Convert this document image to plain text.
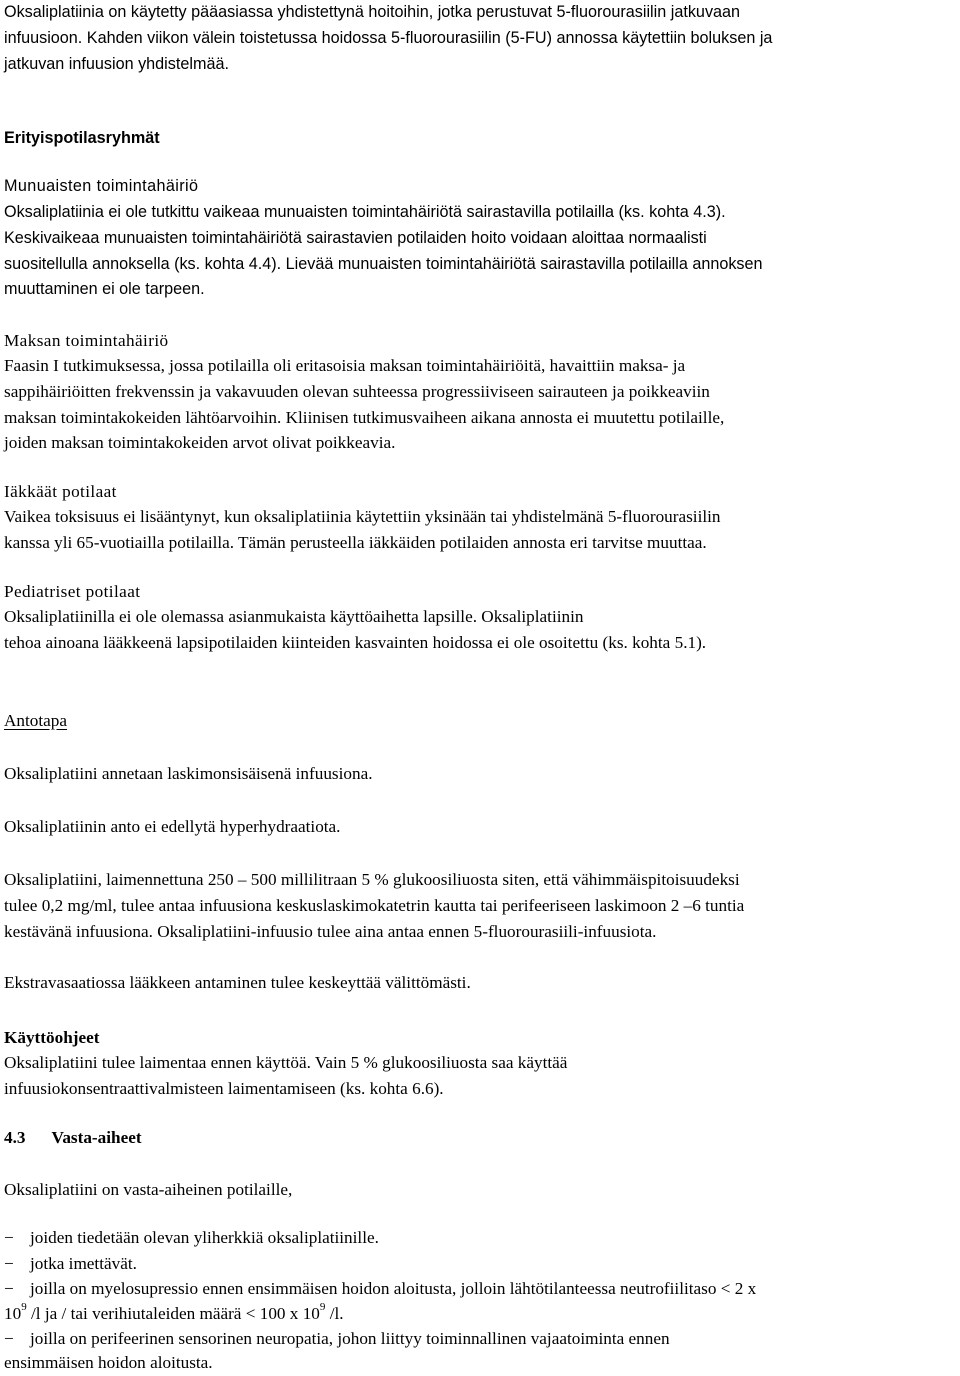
Oksaliplatiinia on käytetty pääasiassa yhdistettynä hoitoihin, jotka perustuvat 5-fluorourasiilin jatkuvaan
infuusioon. Kahden viikon välein toistetussa hoidossa 5-fluorourasiilin (5-FU) annossa käytettiin boluksen ja
jatkuvan infuusion yhdistelmää.

Erityispotilasryhmät

Munuaisten toimintahäiriö

Oksaliplatiinia ei ole tutkittu vaikeaa munuaisten toimintahäiriötä sairastavilla potilailla (ks. kohta 4.3).
Keskivaikeaa munuaisten toimintahäiriötä sairastavien potilaiden hoito voidaan aloittaa normaalisti
suositellulla annoksella (ks. kohta 4.4). Lievää munuaisten toimintahäiriötä sairastavilla potilailla annoksen
muuttaminen ei ole tarpeen.

Maksan toimintahäiriö

Faasin I tutkimuksessa, jossa potilailla oli eritasoisia maksan toimintahäiriöitä, havaittiin maksa- ja
sappihäiriöitten frekvenssin ja vakavuuden olevan suhteessa progressiiviseen sairauteen ja poikkeaviin
maksan toimintakokeiden lähtöarvoihin. Kliinisen tutkimusvaiheen aikana annosta ei muutettu potilaille,
joiden maksan toimintakokeiden arvot olivat poikkeavia.

Iäkkäät potilaat

Vaikea toksisuus ei lisääntynyt, kun oksaliplatiinia käytettiin yksinään tai yhdistelmänä 5-fluorourasiilin
kanssa yli 65-vuotiailla potilailla. Tämän perusteella iäkkäiden potilaiden annosta eri tarvitse muuttaa.

Pediatriset potilaat

Oksaliplatiinilla ei ole olemassa asianmukaista käyttöaihetta lapsille. Oksaliplatiinin
tehoa ainoana lääkkeenä lapsipotilaiden kiinteiden kasvainten hoidossa ei ole osoitettu (ks. kohta 5.1).

Antotapa

Oksaliplatiini annetaan laskimonsisäisenä infuusiona.

Oksaliplatiinin anto ei edellytä hyperhydraatiota.

Oksaliplatiini, laimennettuna 250 – 500 millilitraan 5 % glukoosiliuosta siten, että vähimmäispitoisuudeksi
tulee 0,2 mg/ml, tulee antaa infuusiona keskuslaskimokatetrin kautta tai perifeeriseen laskimoon 2 –6 tuntia
kestävänä infuusiona. Oksaliplatiini-infuusio tulee aina antaa ennen 5-fluorourasiili-infuusiota.

Ekstravasaatiossa lääkkeen antaminen tulee keskeyttää välittömästi.

Käyttöohjeet

Oksaliplatiini tulee laimentaa ennen käyttöä. Vain 5 % glukoosiliuosta saa käyttää
infuusiokonsentraattivalmisteen laimentamiseen (ks. kohta 6.6).

4.3 Vasta-aiheet

Oksaliplatiini on vasta-aiheinen potilaille,

− joiden tiedetään olevan yliherkkiä oksaliplatiinille.
− jotka imettävät.
− joilla on myelosupressio ennen ensimmäisen hoidon aloitusta, jolloin lähtötilanteessa neutrofiilitaso < 2 x
$10^9$ /l ja / tai verihiutaleiden määrä < 100 x $10^9$ /l.
− joilla on perifeerinen sensorinen neuropatia, johon liittyy toiminnallinen vajaatoiminta ennen
ensimmäisen hoidon aloitusta.
